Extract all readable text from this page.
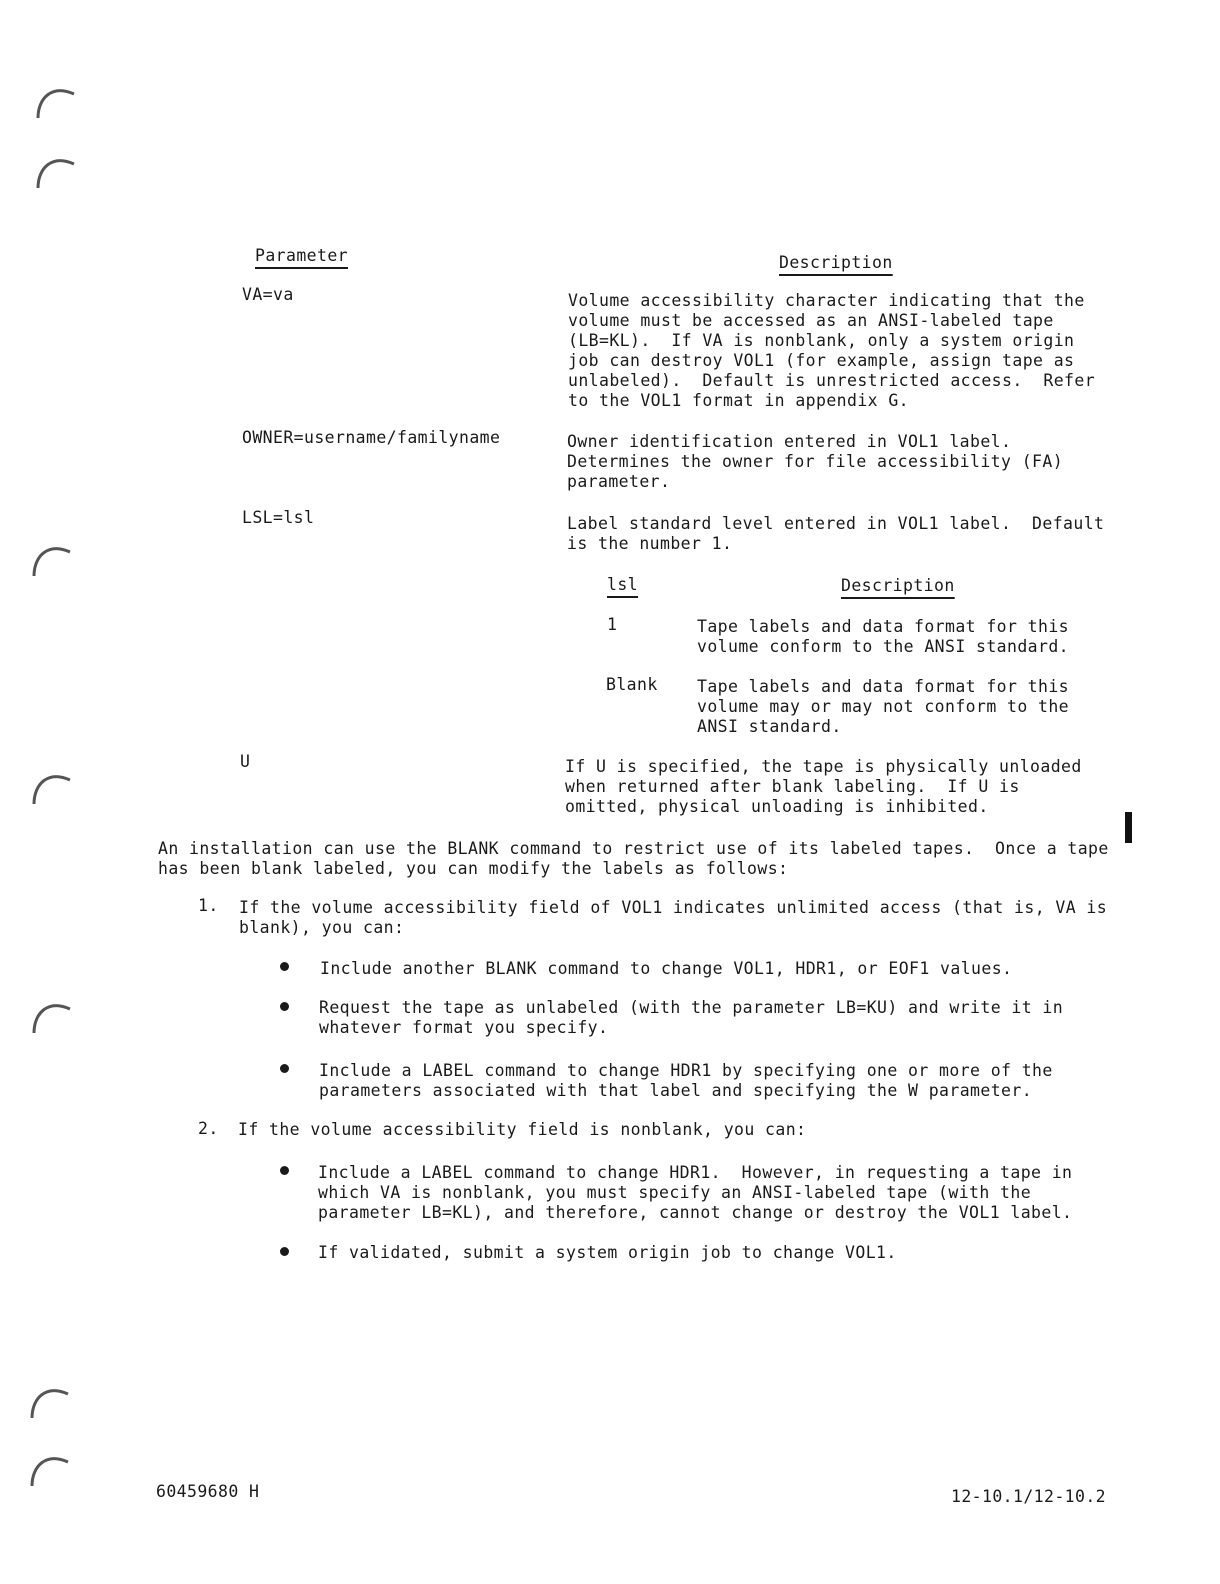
Parameter	Description
VA=va	Volume accessibility character indicating that the
volume must be accessed as an ANSI-labeled tape
(LB=KL).  If VA is nonblank, only a system origin
job can destroy VOL1 (for example, assign tape as
unlabeled).  Default is unrestricted access.  Refer
to the VOL1 format in appendix G.
OWNER=username/familyname	Owner identification entered in VOL1 label.
Determines the owner for file accessibility (FA)
parameter.
LSL=lsl	Label standard level entered in VOL1 label.  Default
is the number 1.
lsl	Description
1	Tape labels and data format for this
volume conform to the ANSI standard.
Blank Tape labels and data format for this
volume may or may not conform to the
ANSI standard.
U	If U is specified, the tape is physically unloaded
when returned after blank labeling.  If U is
omitted, physical unloading is inhibited.
An installation can use the BLANK command to restrict use of its labeled tapes.  Once a tape
has been blank labeled, you can modify the labels as follows:
1. If the volume accessibility field of VOL1 indicates unlimited access (that is, VA is
blank), you can:
Include another BLANK command to change VOL1, HDR1, or EOF1 values.
Request the tape as unlabeled (with the parameter LB=KU) and write it in
whatever format you specify.
Include a LABEL command to change HDR1 by specifying one or more of the
parameters associated with that label and specifying the W parameter.
2. If the volume accessibility field is nonblank, you can:
Include a LABEL command to change HDR1.  However, in requesting a tape in
which VA is nonblank, you must specify an ANSI-labeled tape (with the
parameter LB=KL), and therefore, cannot change or destroy the VOL1 label.
If validated, submit a system origin job to change VOL1.
60459680 H	12-10.1/12-10.2
